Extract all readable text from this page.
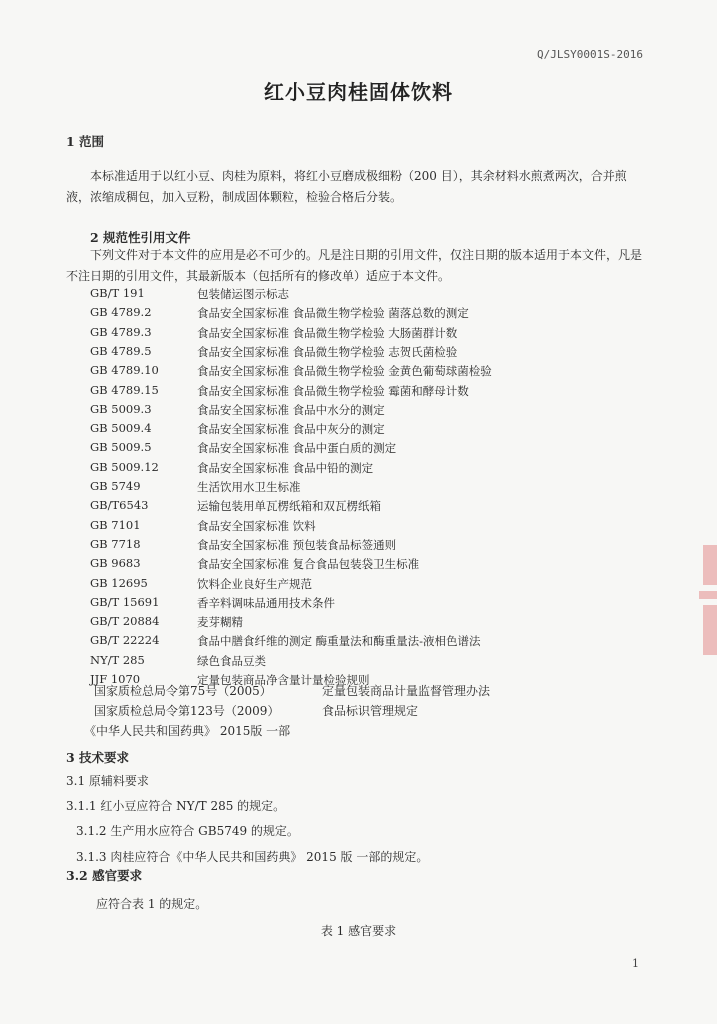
Q/JLSY0001S-2016
红小豆肉桂固体饮料
1 范围
本标准适用于以红小豆、肉桂为原料，将红小豆磨成极细粉（200 目），其余材料水煎煮两次，合并煎液，浓缩成稠包，加入豆粉，制成固体颗粒，检验合格后分装。
2 规范性引用文件
下列文件对于本文件的应用是必不可少的。凡是注日期的引用文件，仅注日期的版本适用于本文件，凡是不注日期的引用文件，其最新版本（包括所有的修改单）适应于本文件。
GB/T 191	包装储运图示标志
GB 4789.2	食品安全国家标准 食品微生物学检验 菌落总数的测定
GB 4789.3	食品安全国家标准 食品微生物学检验 大肠菌群计数
GB 4789.5	食品安全国家标准 食品微生物学检验 志贺氏菌检验
GB 4789.10	食品安全国家标准 食品微生物学检验 金黄色葡萄球菌检验
GB 4789.15	食品安全国家标准 食品微生物学检验 霉菌和酵母计数
GB 5009.3	食品安全国家标准 食品中水分的测定
GB 5009.4	食品安全国家标准 食品中灰分的测定
GB 5009.5	食品安全国家标准 食品中蛋白质的测定
GB 5009.12	食品安全国家标准 食品中铅的测定
GB 5749	生活饮用水卫生标准
GB/T6543	运输包装用单瓦楞纸箱和双瓦楞纸箱
GB 7101	食品安全国家标准 饮料
GB 7718	食品安全国家标准 预包装食品标签通则
GB 9683	食品安全国家标准 复合食品包装袋卫生标准
GB 12695	饮料企业良好生产规范
GB/T 15691	香辛料调味品通用技术条件
GB/T 20884	麦芽糊精
GB/T 22224	食品中膳食纤维的测定 酶重量法和酶重量法-液相色谱法
NY/T 285	绿色食品豆类
JJF 1070	定量包装商品净含量计量检验规则
国家质检总局令第75号（2005）	定量包装商品计量监督管理办法
国家质检总局令第123号（2009）	食品标识管理规定
《中华人民共和国药典》 2015版 一部
3 技术要求
3.1 原辅料要求
3.1.1 红小豆应符合 NY/T 285 的规定。
3.1.2 生产用水应符合 GB5749 的规定。
3.1.3 肉桂应符合《中华人民共和国药典》 2015 版 一部的规定。
3.2 感官要求
应符合表 1 的规定。
表 1 感官要求
1
